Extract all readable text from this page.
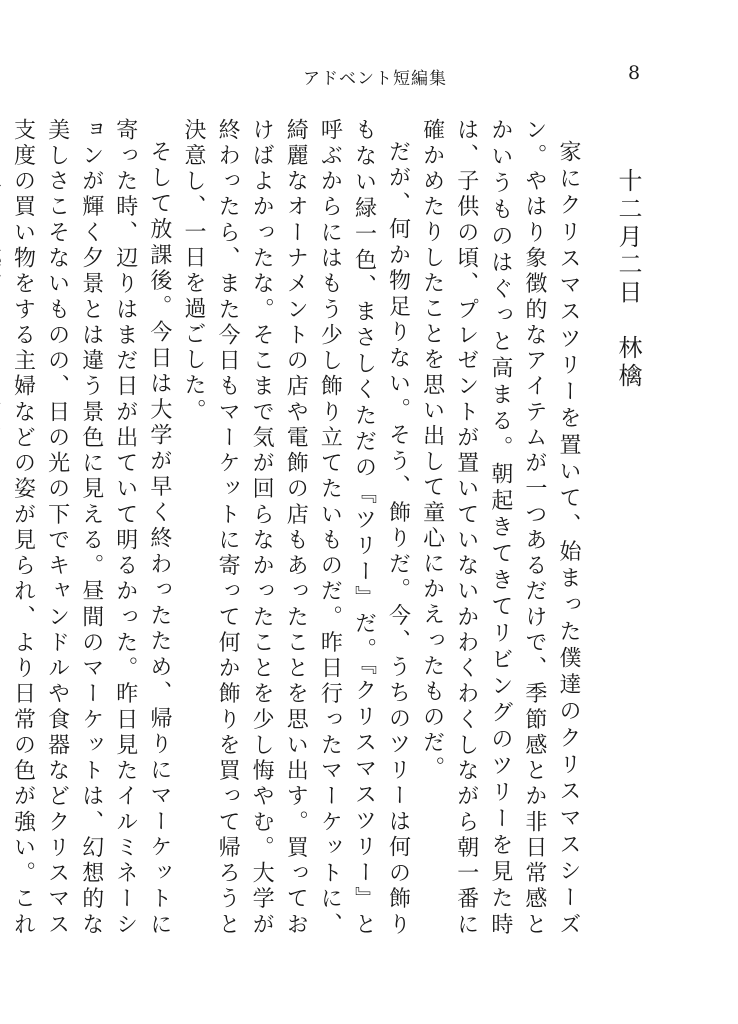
アドベント短編集	8
十二月二日　林檎

家にクリスマスツリーを置いて、始まった僕達のクリスマスシーズン。やはり象徴的なアイテムが一つあるだけで、季節感とか非日常感とかいうものはぐっと高まる。朝起きてきてリビングのツリーを見た時は、子供の頃、プレゼントが置いていないかわくわくしながら朝一番に確かめたりしたことを思い出して童心にかえったものだ。

だが、何か物足りない。そう、飾りだ。今、うちのツリーは何の飾りもない緑一色、まさしくただの『ツリー』だ。『クリスマスツリー』と呼ぶからにはもう少し飾り立てたいものだ。昨日行ったマーケットに、綺麗なオーナメントの店や電飾の店もあったことを思い出す。買っておけばよかったな。そこまで気が回らなかったことを少し悔やむ。大学が終わったら、また今日もマーケットに寄って何か飾りを買って帰ろうと決意し、一日を過ごした。

そして放課後。今日は大学が早く終わったため、帰りにマーケットに寄った時、辺りはまだ日が出ていて明るかった。昨日見たイルミネーションが輝く夕景とは違う景色に見える。昼間のマーケットは、幻想的な美しさこそないものの、日の光の下でキャンドルや食器などクリスマス支度の買い物をする主婦などの姿が見られ、より日常の色が強い。これ
